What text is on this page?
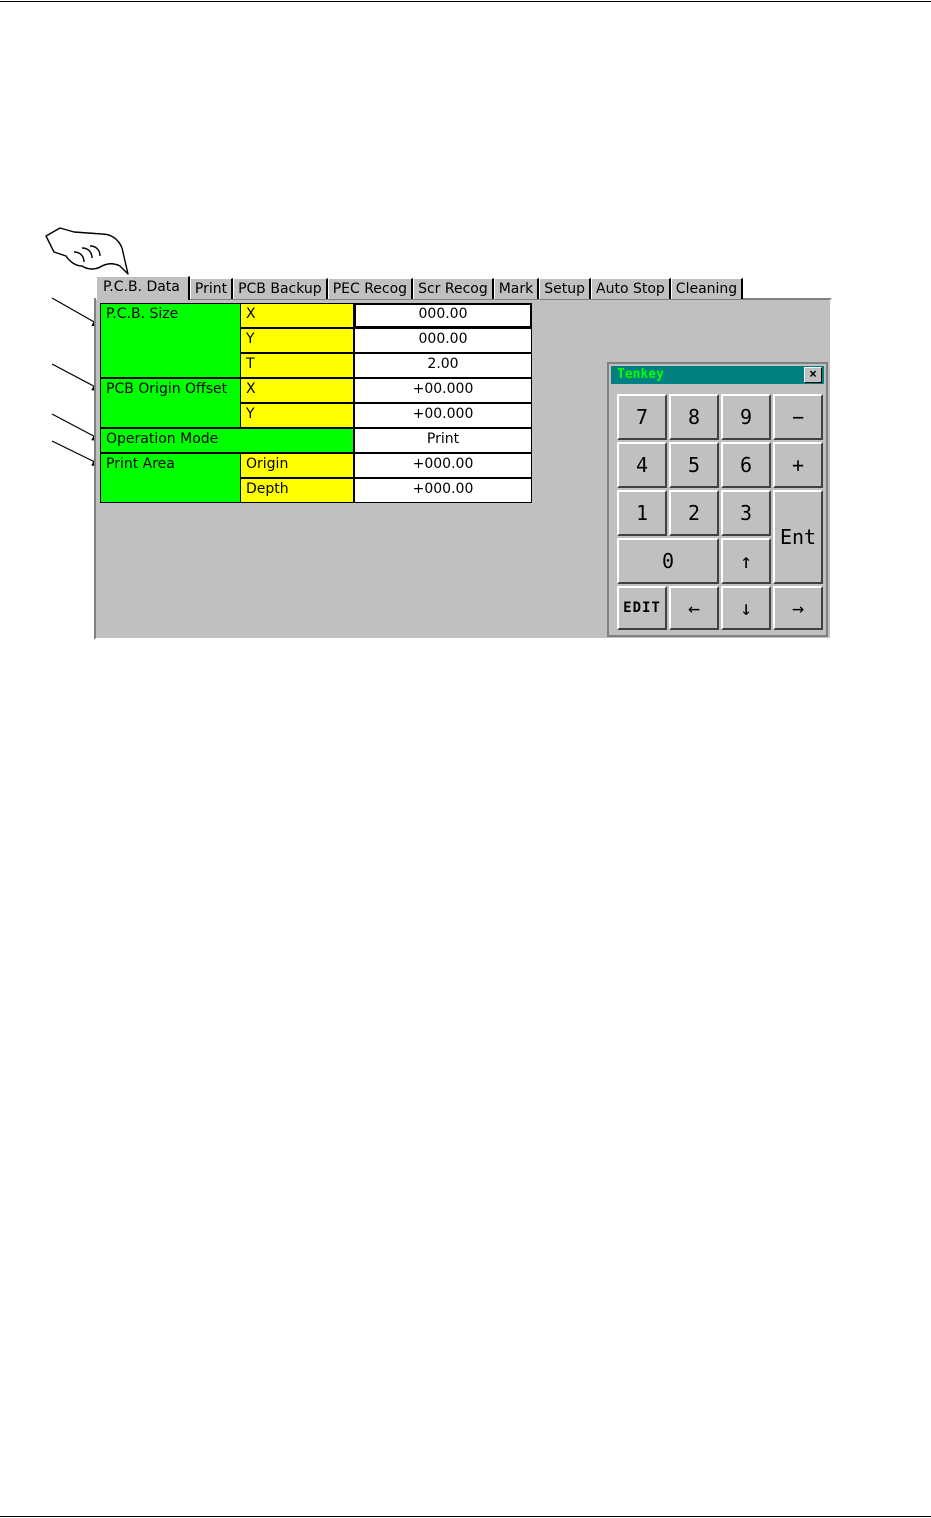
P.C.B. Data	Print PCB Backup PEC Recog Scr Recog Mark Setup Auto Stop Cleaning
P.C.B. Size	X	000.00
Y	000.00
T	2.00
PCB Origin Offset	X	+00.000
Y	+00.000
Operation Mode	Print
Print Area	Origin	+000.00
Depth	+000.00
Tenkey	×
7	8	9	−
4	5	6	+
1	2	3
Ent
0	↑
EDIT	←	↓	→
